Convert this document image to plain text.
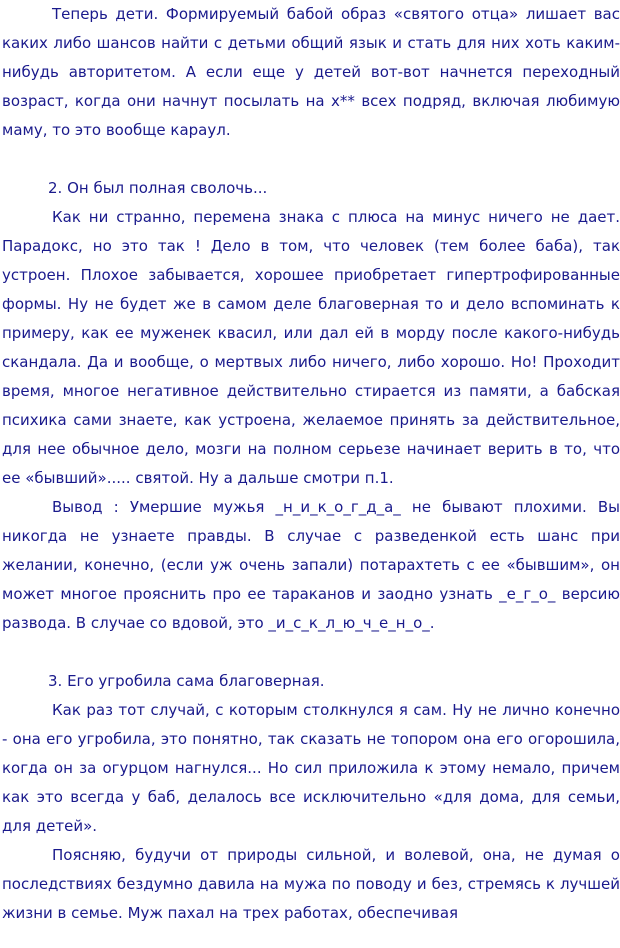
Теперь дети. Формируемый бабой образ «святого отца» лишает вас каких либо шансов найти с детьми общий язык и стать для них хоть каким-нибудь авторитетом. А если еще у детей вот-вот начнется переходный возраст, когда они начнут посылать на х** всех подряд, включая любимую маму, то это вообще караул.

2. Он был полная сволочь...

Как ни странно, перемена знака с плюса на минус ничего не дает. Парадокс, но это так ! Дело в том, что человек (тем более баба), так устроен. Плохое забывается, хорошее приобретает гипертрофированные формы. Ну не будет же в самом деле благоверная то и дело вспоминать к примеру, как ее муженек квасил, или дал ей в морду после какого-нибудь скандала. Да и вообще, о мертвых либо ничего, либо хорошо. Но! Проходит время, многое негативное действительно стирается из памяти, а бабская психика сами знаете, как устроена, желаемое принять за действительное, для нее обычное дело, мозги на полном серьезе начинает верить в то, что ее «бывший»..... святой. Ну а дальше смотри п.1.

Вывод : Умершие мужья _н_и_к_о_г_д_а_ не бывают плохими. Вы никогда не узнаете правды. В случае с разведенкой есть шанс при желании, конечно, (если уж очень запали) потарахтеть с ее «бывшим», он может многое прояснить про ее тараканов и заодно узнать _е_г_о_ версию развода. В случае со вдовой, это _и_с_к_л_ю_ч_е_н_о_.

3. Его угробила сама благоверная.

Как раз тот случай, с которым столкнулся я сам. Ну не лично конечно - она его угробила, это понятно, так сказать не топором она его огорошила, когда он за огурцом нагнулся... Но сил приложила к этому немало, причем как это всегда у баб, делалось все исключительно «для дома, для семьи, для детей».

Поясняю, будучи от природы сильной, и волевой, она, не думая о последствиях бездумно давила на мужа по поводу и без, стремясь к лучшей жизни в семье. Муж пахал на трех работах, обеспечивая
